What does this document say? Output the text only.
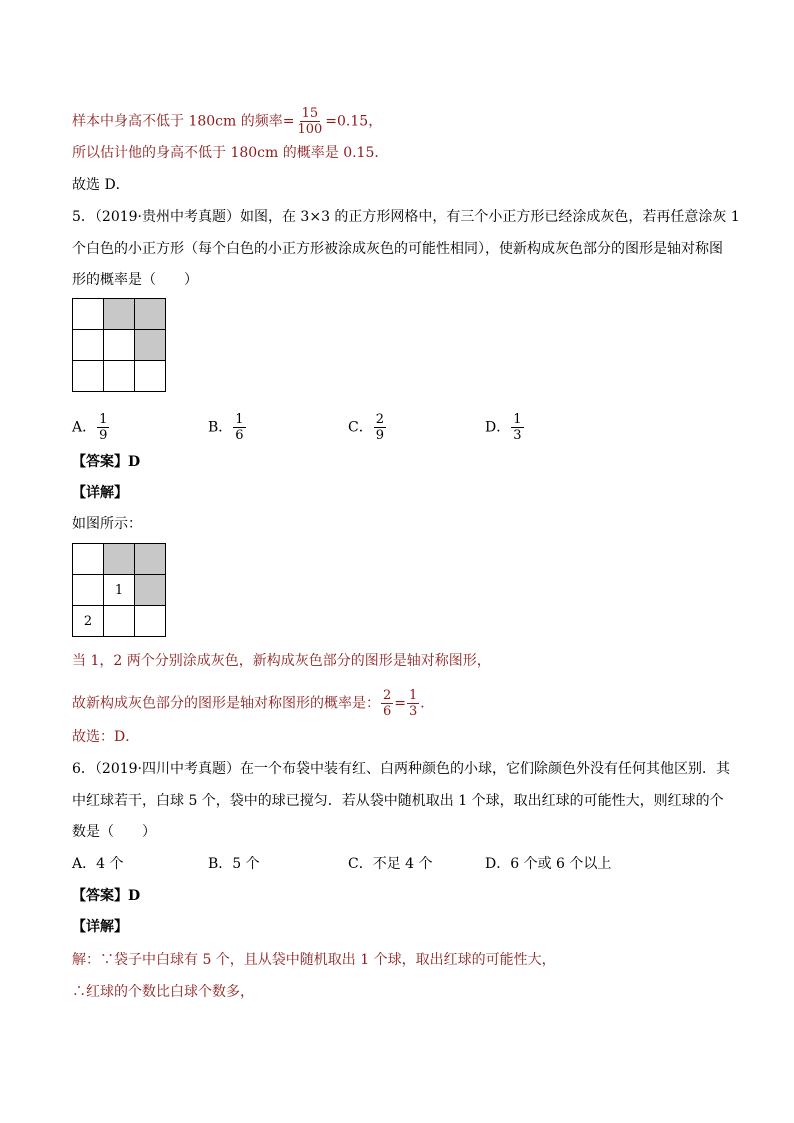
样本中身高不低于 180cm 的频率= $\frac{15}{100} =0.15$，
所以估计他的身高不低于 180cm 的概率是 0.15．
故选 D．
5．（2019·贵州中考真题）如图，在 3×3 的正方形网格中，有三个小正方形已经涂成灰色，若再任意涂灰 1
个白色的小正方形（每个白色的小正方形被涂成灰色的可能性相同），使新构成灰色部分的图形是轴对称图
形的概率是（　　）

A． $\frac{1}{9}$	B． $\frac{1}{6}$	C． $\frac{2}{9}$	D． $\frac{1}{3}$
【答案】D
【详解】
如图所示：

	1	
2		
当 1，2 两个分别涂成灰色，新构成灰色部分的图形是轴对称图形，
故新构成灰色部分的图形是轴对称图形的概率是： $\frac{2}{6} = \frac{1}{3}$ ．
故选：D．
6．（2019·四川中考真题）在一个布袋中装有红、白两种颜色的小球，它们除颜色外没有任何其他区别．其
中红球若干，白球 5 个，袋中的球已搅匀．若从袋中随机取出 1 个球，取出红球的可能性大，则红球的个
数是（　　）
A．4 个	B．5 个	C．不足 4 个	D．6 个或 6 个以上
【答案】D
【详解】
解：∵袋子中白球有 5 个，且从袋中随机取出 1 个球，取出红球的可能性大，
∴红球的个数比白球个数多，
